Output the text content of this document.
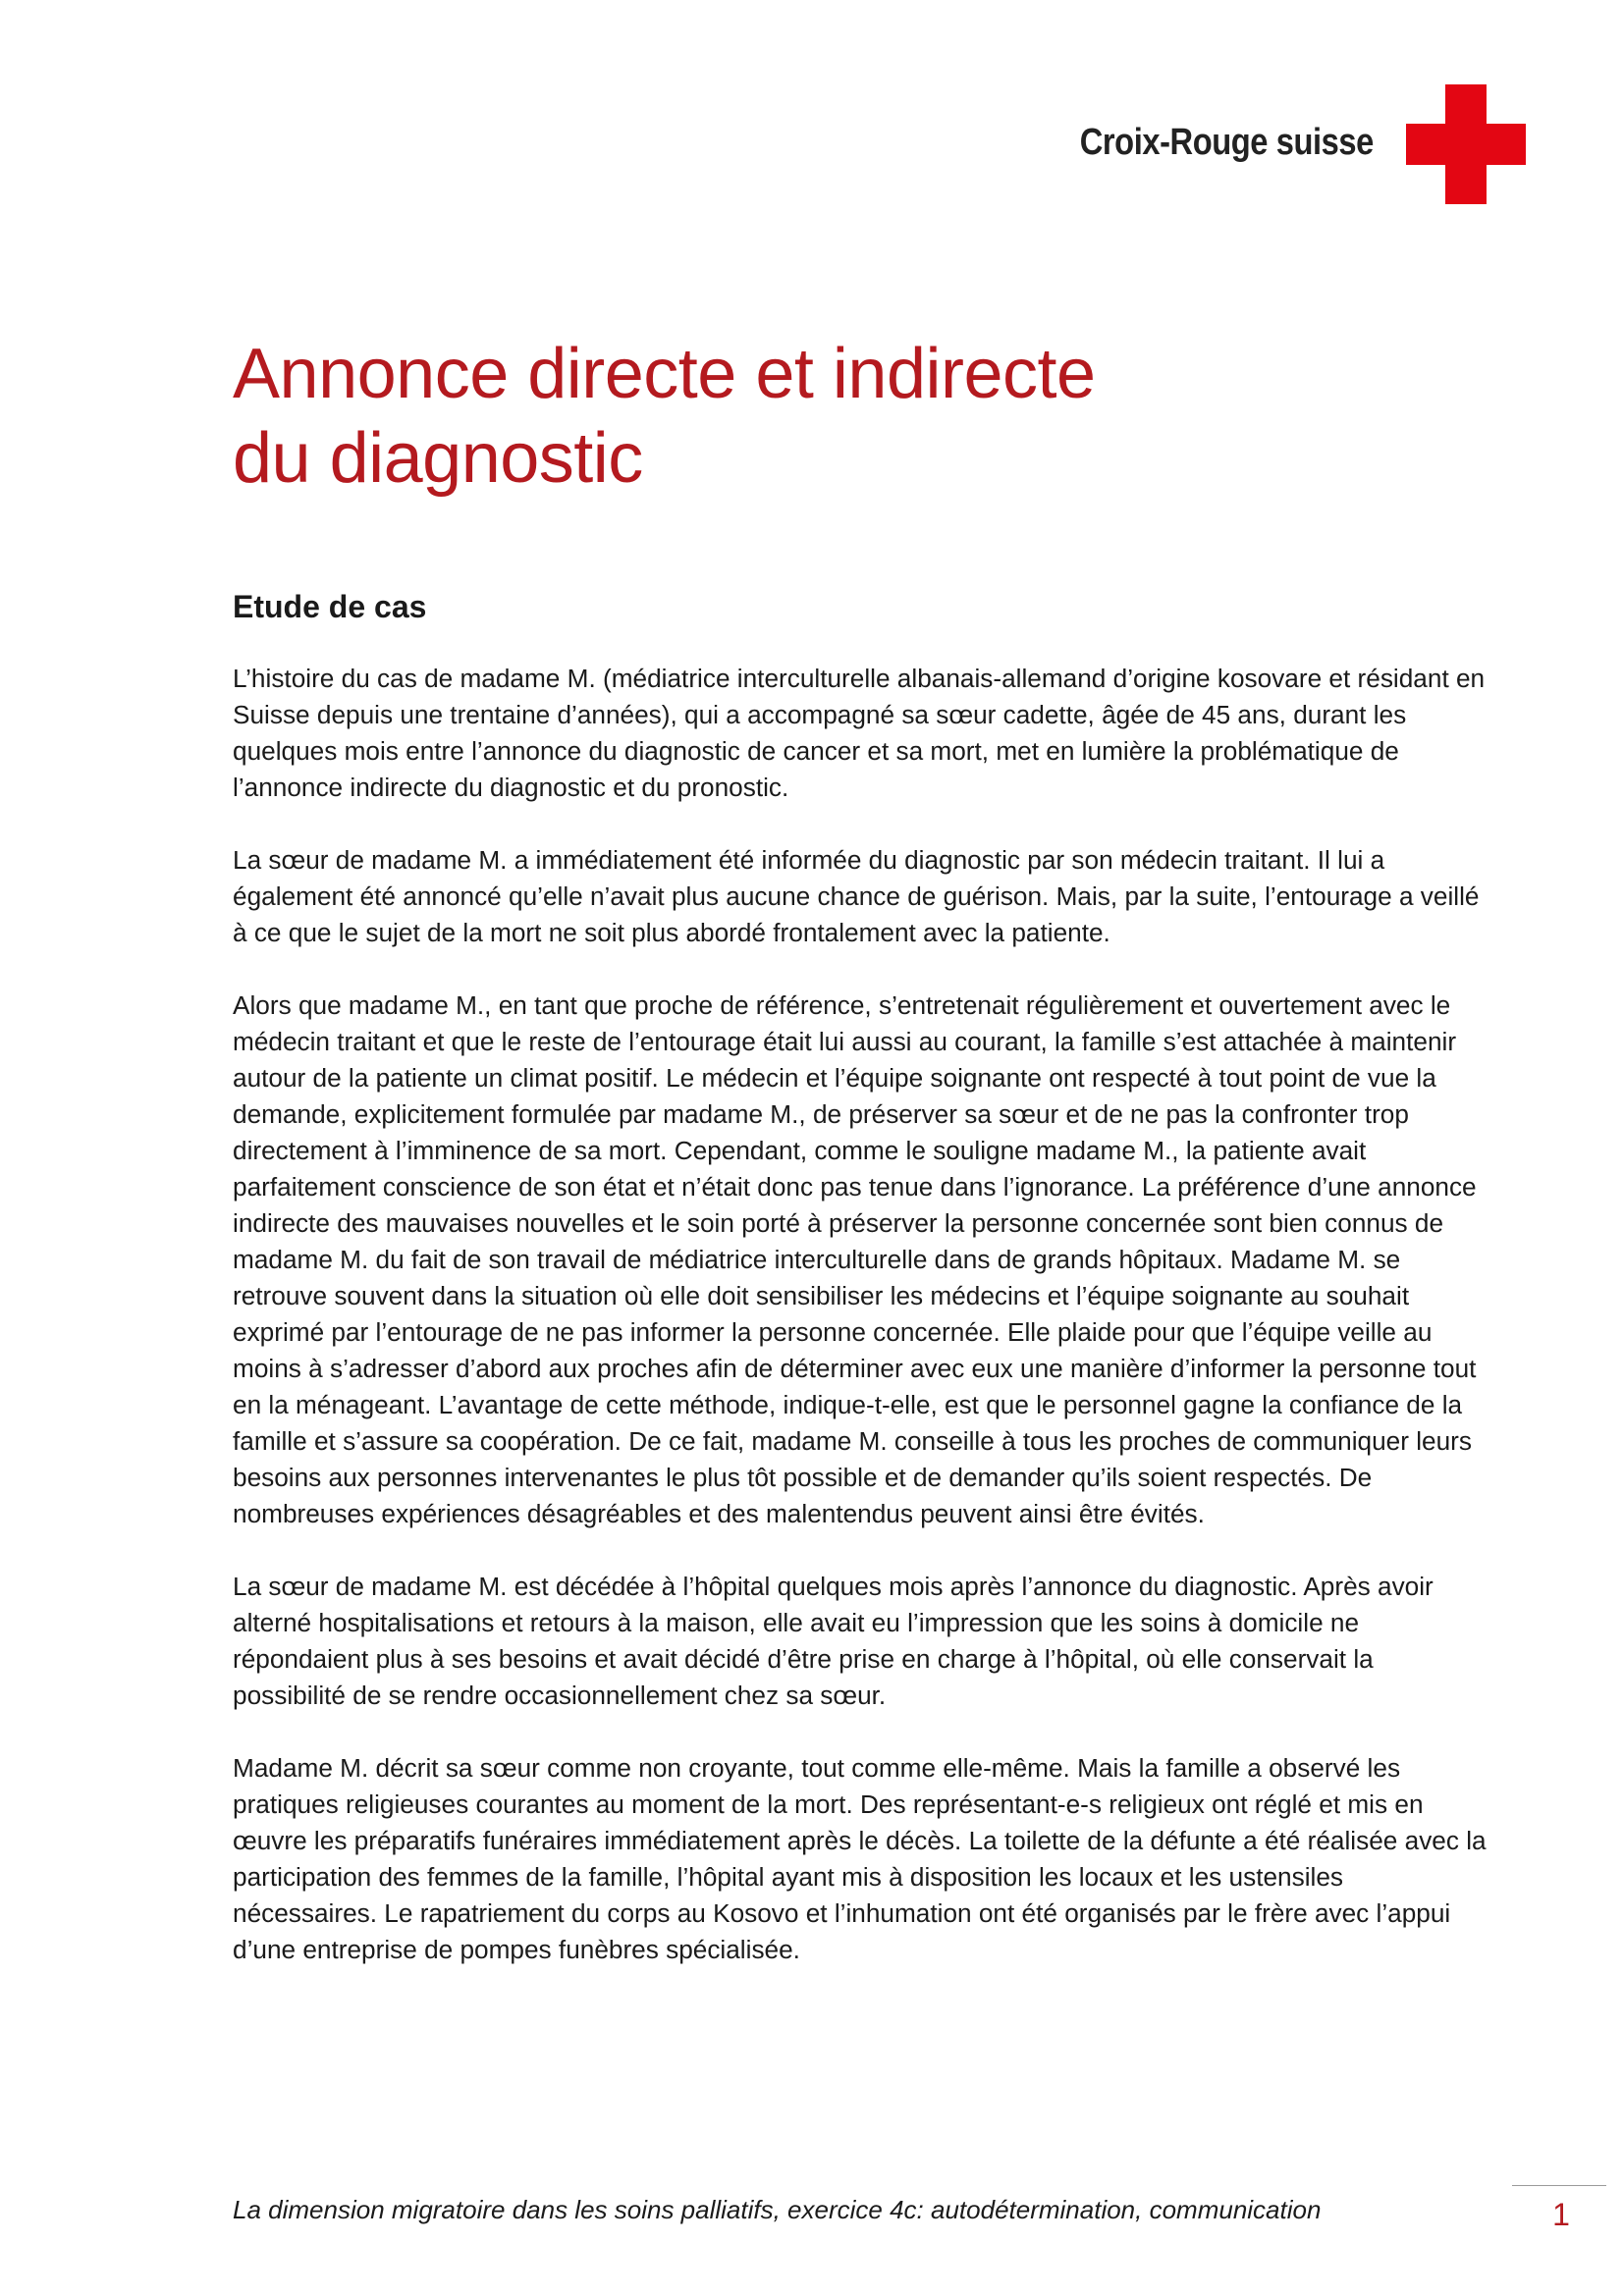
Croix-Rouge suisse
Annonce directe et indirecte
du diagnostic
Etude de cas

L’histoire du cas de madame M. (médiatrice interculturelle albanais-allemand d’origine kosovare et résidant en Suisse depuis une trentaine d’années), qui a accompagné sa sœur cadette, âgée de 45 ans, durant les quelques mois entre l’annonce du diagnostic de cancer et sa mort, met en lumière la problématique de l’annonce indirecte du diagnostic et du pronostic.

La sœur de madame M. a immédiatement été informée du diagnostic par son médecin traitant. Il lui a également été annoncé qu’elle n’avait plus aucune chance de guérison. Mais, par la suite, l’entourage a veillé à ce que le sujet de la mort ne soit plus abordé frontalement avec la patiente.

Alors que madame M., en tant que proche de référence, s’entretenait régulièrement et ouvertement avec le médecin traitant et que le reste de l’entourage était lui aussi au courant, la famille s’est attachée à maintenir autour de la patiente un climat positif. Le médecin et l’équipe soignante ont respecté à tout point de vue la demande, explicitement formulée par madame M., de préserver sa sœur et de ne pas la confronter trop directement à l’imminence de sa mort. Cependant, comme le souligne madame M., la patiente avait parfaitement conscience de son état et n’était donc pas tenue dans l’ignorance. La préférence d’une annonce indirecte des mauvaises nouvelles et le soin porté à préserver la personne concernée sont bien connus de madame M. du fait de son travail de médiatrice interculturelle dans de grands hôpitaux. Madame M. se retrouve souvent dans la situation où elle doit sensibiliser les médecins et l’équipe soignante au souhait exprimé par l’entourage de ne pas informer la personne concernée. Elle plaide pour que l’équipe veille au moins à s’adresser d’abord aux proches afin de déterminer avec eux une manière d’informer la personne tout en la ménageant. L’avantage de cette méthode, indique-t-elle, est que le personnel gagne la confiance de la famille et s’assure sa coopération. De ce fait, madame M. conseille à tous les proches de communiquer leurs besoins aux personnes intervenantes le plus tôt possible et de demander qu’ils soient respectés. De nombreuses expériences désagréables et des malentendus peuvent ainsi être évités.

La sœur de madame M. est décédée à l’hôpital quelques mois après l’annonce du diagnostic. Après avoir alterné hospitalisations et retours à la maison, elle avait eu l’impression que les soins à domicile ne répondaient plus à ses besoins et avait décidé d’être prise en charge à l’hôpital, où elle conservait la possibilité de se rendre occasionnellement chez sa sœur.

Madame M. décrit sa sœur comme non croyante, tout comme elle-même. Mais la famille a observé les pratiques religieuses courantes au moment de la mort. Des représentant-e-s religieux ont réglé et mis en œuvre les préparatifs funéraires immédiatement après le décès. La toilette de la défunte a été réalisée avec la participation des femmes de la famille, l’hôpital ayant mis à disposition les locaux et les ustensiles nécessaires. Le rapatriement du corps au Kosovo et l’inhumation ont été organisés par le frère avec l’appui d’une entreprise de pompes funèbres spécialisée.

La dimension migratoire dans les soins palliatifs, exercice 4c: autodétermination, communication	1
